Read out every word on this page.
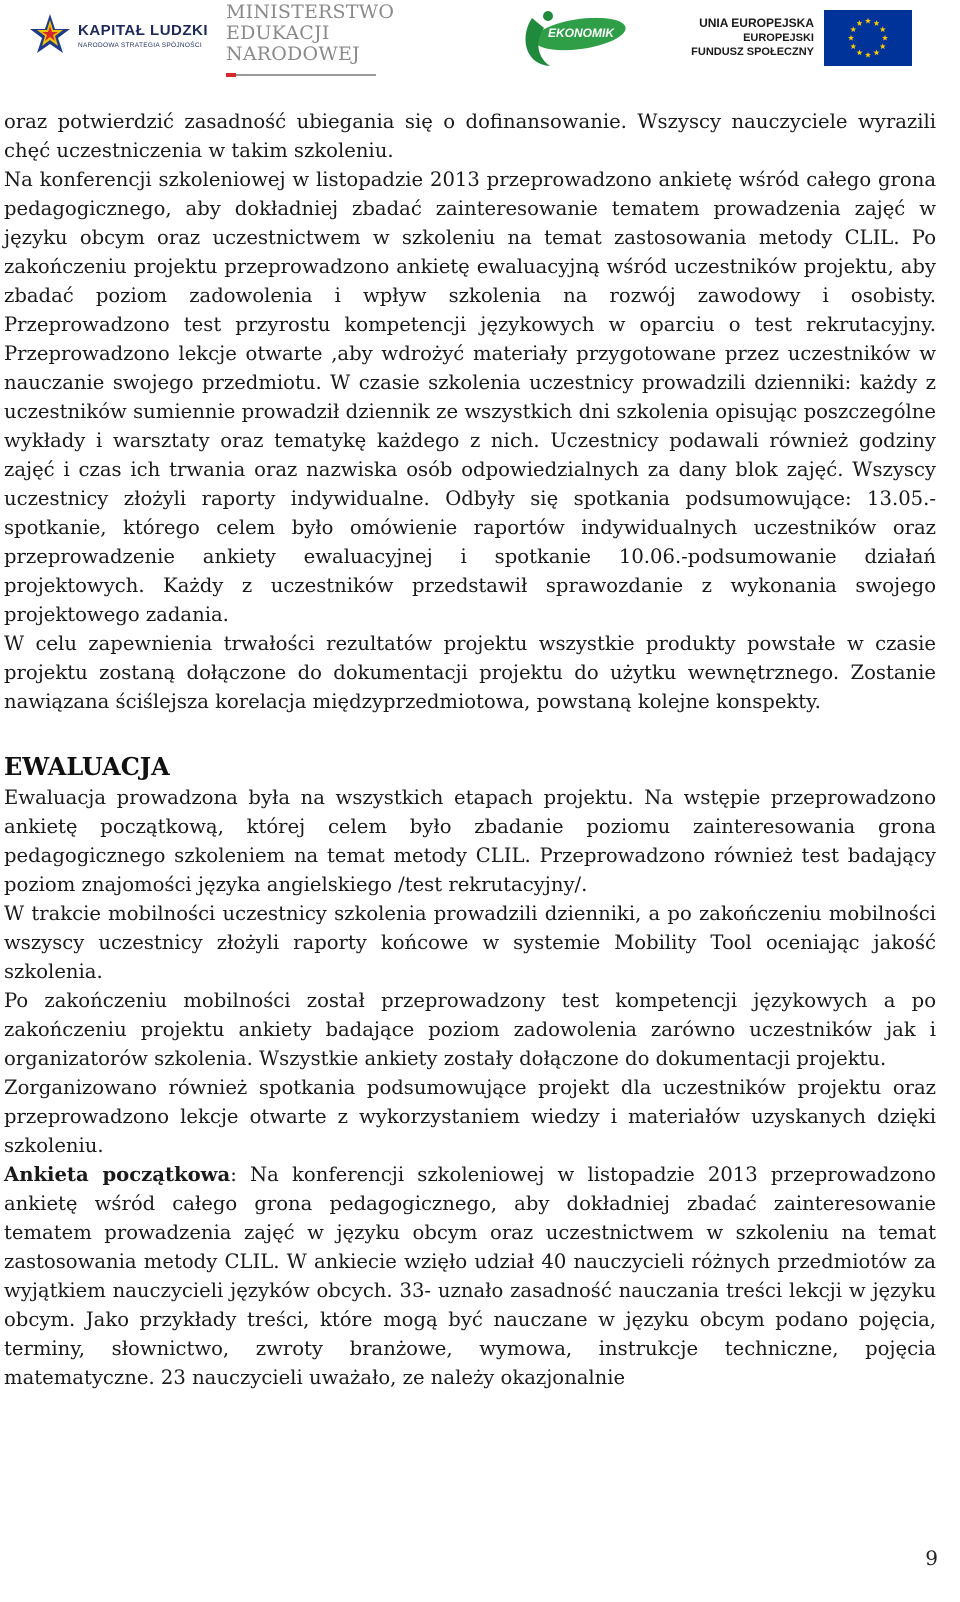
KAPITAŁ LUDZKI
NARODOWA STRATEGIA SPÓJNOŚCI
MINISTERSTWO
EDUKACJI
NARODOWEJ
EKONOMIK
UNIA EUROPEJSKA
EUROPEJSKI
FUNDUSZ SPOŁECZNY

oraz potwierdzić zasadność ubiegania się o dofinansowanie. Wszyscy nauczyciele wyrazili chęć uczestniczenia w takim szkoleniu.

Na konferencji szkoleniowej w listopadzie 2013 przeprowadzono ankietę wśród całego grona pedagogicznego, aby dokładniej zbadać zainteresowanie tematem prowadzenia zajęć w języku obcym oraz uczestnictwem w szkoleniu na temat zastosowania metody CLIL. Po zakończeniu projektu przeprowadzono ankietę ewaluacyjną wśród uczestników projektu, aby zbadać poziom zadowolenia i wpływ szkolenia na rozwój zawodowy i osobisty. Przeprowadzono test przyrostu kompetencji językowych w oparciu o test rekrutacyjny. Przeprowadzono lekcje otwarte ,aby wdrożyć materiały przygotowane przez uczestników w nauczanie swojego przedmiotu. W czasie szkolenia uczestnicy prowadzili dzienniki: każdy z uczestników sumiennie prowadził dziennik ze wszystkich dni szkolenia opisując poszczególne wykłady i warsztaty oraz tematykę każdego z nich. Uczestnicy podawali również godziny zajęć i czas ich trwania oraz nazwiska osób odpowiedzialnych za dany blok zajęć. Wszyscy uczestnicy złożyli raporty indywidualne. Odbyły się spotkania podsumowujące: 13.05.- spotkanie, którego celem było omówienie raportów indywidualnych uczestników oraz przeprowadzenie ankiety ewaluacyjnej i spotkanie 10.06.-podsumowanie działań projektowych. Każdy z uczestników przedstawił sprawozdanie z wykonania swojego projektowego zadania.

W celu zapewnienia trwałości rezultatów projektu wszystkie produkty powstałe w czasie projektu zostaną dołączone do dokumentacji projektu do użytku wewnętrznego. Zostanie nawiązana ściślejsza korelacja międzyprzedmiotowa, powstaną kolejne konspekty.

EWALUACJA

Ewaluacja prowadzona była na wszystkich etapach projektu. Na wstępie przeprowadzono ankietę początkową, której celem było zbadanie poziomu zainteresowania grona pedagogicznego szkoleniem na temat metody CLIL. Przeprowadzono również test badający poziom znajomości języka angielskiego /test rekrutacyjny/.

W trakcie mobilności uczestnicy szkolenia prowadzili dzienniki, a po zakończeniu mobilności wszyscy uczestnicy złożyli raporty końcowe w systemie Mobility Tool oceniając jakość szkolenia.

Po zakończeniu mobilności został przeprowadzony test kompetencji językowych a po zakończeniu projektu ankiety badające poziom zadowolenia zarówno uczestników jak i organizatorów szkolenia. Wszystkie ankiety zostały dołączone do dokumentacji projektu.

Zorganizowano również spotkania podsumowujące projekt dla uczestników projektu oraz przeprowadzono lekcje otwarte z wykorzystaniem wiedzy i materiałów uzyskanych dzięki szkoleniu.

Ankieta początkowa: Na konferencji szkoleniowej w listopadzie 2013 przeprowadzono ankietę wśród całego grona pedagogicznego, aby dokładniej zbadać zainteresowanie tematem prowadzenia zajęć w języku obcym oraz uczestnictwem w szkoleniu na temat zastosowania metody CLIL. W ankiecie wzięło udział 40 nauczycieli różnych przedmiotów za wyjątkiem nauczycieli języków obcych. 33- uznało zasadność nauczania treści lekcji w języku obcym. Jako przykłady treści, które mogą być nauczane w języku obcym podano pojęcia, terminy, słownictwo, zwroty branżowe, wymowa, instrukcje techniczne, pojęcia matematyczne. 23 nauczycieli uważało, ze należy okazjonalnie

9
